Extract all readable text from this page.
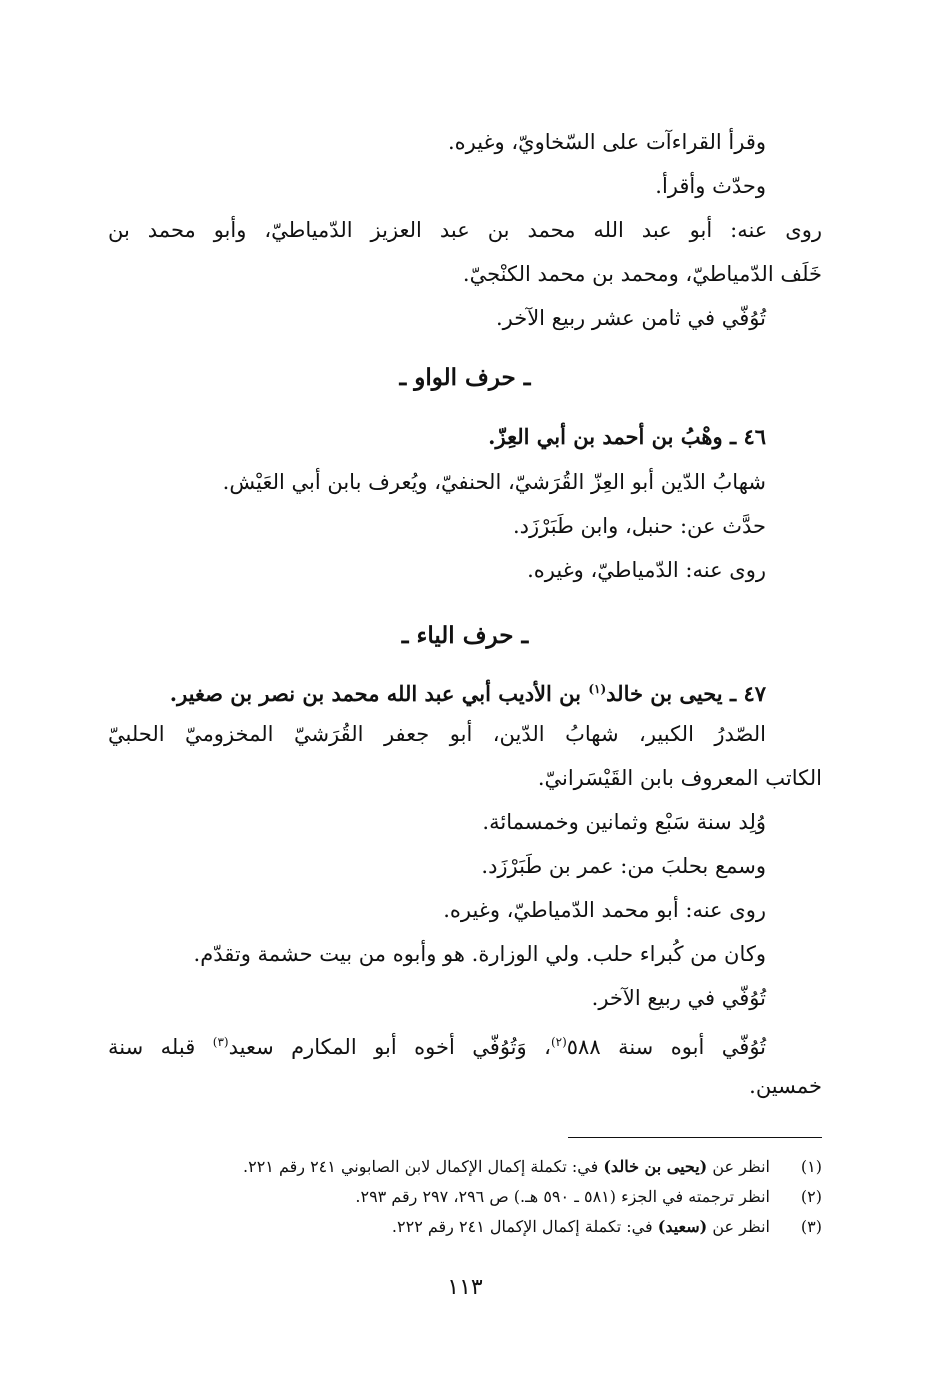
وقرأ القراءآت على السّخاويّ، وغيره.
وحدّث وأقرأ.
روى عنه: أبو عبد الله محمد بن عبد العزيز الدّمياطيّ، وأبو محمد بن
خَلَف الدّمياطيّ، ومحمد بن محمد الكنْجيّ.
تُوُفّي في ثامن عشر ربيع الآخر.
ـ حرف الواو ـ
٤٦ ـ وهْبُ بن أحمد بن أبي العِزّ.
شهابُ الدّين أبو العِزّ القُرَشيّ، الحنفيّ، ويُعرف بابن أبي العَيْش.
حدَّث عن: حنبل، وابن طَبَرْزَد.
روى عنه: الدّمياطيّ، وغيره.
ـ حرف الياء ـ
٤٧ ـ يحيى بن خالد$^{(١)}$ بن الأديب أبي عبد الله محمد بن نصر بن صغير.
الصّدرُ الكبير، شهابُ الدّين، أبو جعفر القُرَشيّ المخزوميّ الحلبيّ
الكاتب المعروف بابن القَيْسَرانيّ.
وُلِد سنة سَبْع وثمانين وخمسمائة.
وسمع بحلبَ من: عمر بن طَبَرْزَد.
روى عنه: أبو محمد الدّمياطيّ، وغيره.
وكان من كُبراء حلب. ولي الوزارة. هو وأبوه من بيت حشمة وتقدّم.
تُوُفّي في ربيع الآخر.
تُوُفّي أبوه سنة ٥٨٨$^{(٢)}$، وَتُوُفّي أخوه أبو المكارم سعيد$^{(٣)}$ قبله سنة
خمسين.
(١)انظر عن (يحيى بن خالد) في: تكملة إكمال الإكمال لابن الصابوني ٢٤١ رقم ٢٢١.
(٢)انظر ترجمته في الجزء (٥٨١ ـ ٥٩٠ هـ.) ص ٢٩٦، ٢٩٧ رقم ٢٩٣.
(٣)انظر عن (سعيد) في: تكملة إكمال الإكمال ٢٤١ رقم ٢٢٢.
١١٣
